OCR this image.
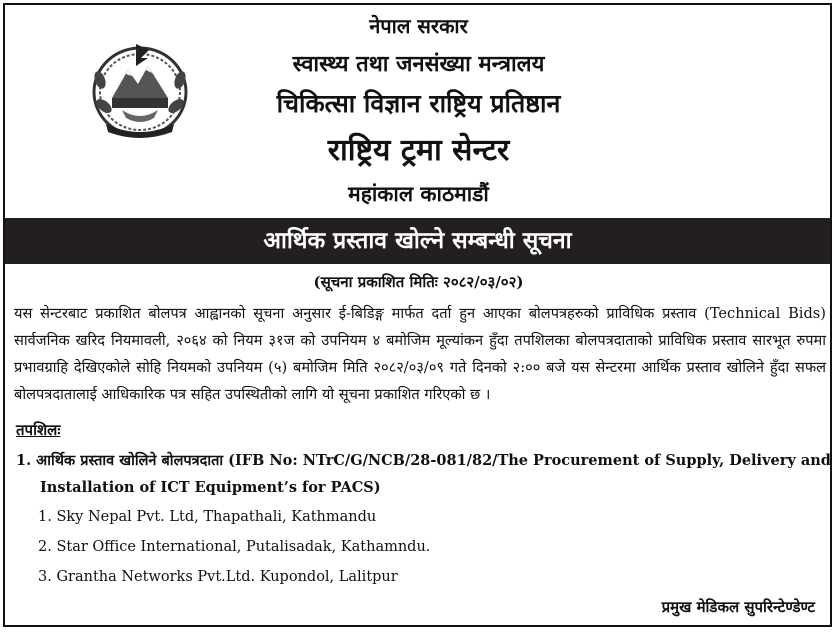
नेपाल सरकार
स्वास्थ्य तथा जनसंख्या मन्त्रालय
चिकित्सा विज्ञान राष्ट्रिय प्रतिष्ठान
राष्ट्रिय ट्रमा सेन्टर
महांकाल काठमाडौं
आर्थिक प्रस्ताव खोल्ने सम्बन्धी सूचना
(सूचना प्रकाशित मितिः २०८२/०३/०२)

यस सेन्टरबाट प्रकाशित बोलपत्र आह्वानको सूचना अनुसार ई-बिडिङ्ग मार्फत दर्ता हुन आएका बोलपत्रहरुको प्राविधिक प्रस्ताव (Technical Bids) सार्वजनिक खरिद नियमावली, २०६४ को नियम ३१ज को उपनियम ४ बमोजिम मूल्यांकन हुँदा तपशिलका बोलपत्रदाताको प्राविधिक प्रस्ताव सारभूत रुपमा प्रभावग्राहि देखिएकोले सोहि नियमको उपनियम (५) बमोजिम मिति २०८२/०३/०९ गते दिनको २:०० बजे यस सेन्टरमा आर्थिक प्रस्ताव खोलिने हुँदा सफल बोलपत्रदातालाई आधिकारिक पत्र सहित उपस्थितीको लागि यो सूचना प्रकाशित गरिएको छ ।

तपशिलः
1. आर्थिक प्रस्ताव खोलिने बोलपत्रदाता (IFB No: NTrC/G/NCB/28-081/82/The Procurement of Supply, Delivery and
Installation of ICT Equipment’s for PACS)
1. Sky Nepal Pvt. Ltd, Thapathali, Kathmandu
2. Star Office International, Putalisadak, Kathamndu.
3. Grantha Networks Pvt.Ltd. Kupondol, Lalitpur
प्रमुख मेडिकल सुपरिन्टेण्डेण्ट
